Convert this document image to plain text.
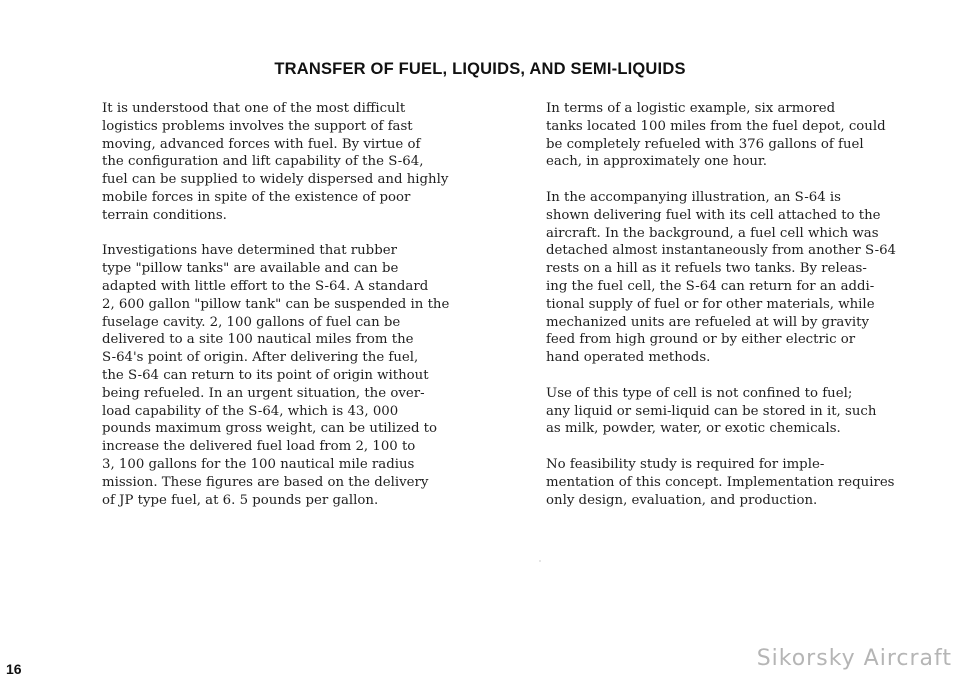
TRANSFER OF FUEL, LIQUIDS, AND SEMI-LIQUIDS

It is understood that one of the most difficult
logistics problems involves the support of fast
moving, advanced forces with fuel. By virtue of
the configuration and lift capability of the S-64,
fuel can be supplied to widely dispersed and highly
mobile forces in spite of the existence of poor
terrain conditions.

Investigations have determined that rubber
type "pillow tanks" are available and can be
adapted with little effort to the S-64. A standard
2, 600 gallon "pillow tank" can be suspended in the
fuselage cavity. 2, 100 gallons of fuel can be
delivered to a site 100 nautical miles from the
S-64's point of origin. After delivering the fuel,
the S-64 can return to its point of origin without
being refueled. In an urgent situation, the over-
load capability of the S-64, which is 43, 000
pounds maximum gross weight, can be utilized to
increase the delivered fuel load from 2, 100 to
3, 100 gallons for the 100 nautical mile radius
mission. These figures are based on the delivery
of JP type fuel, at 6. 5 pounds per gallon.

In terms of a logistic example, six armored
tanks located 100 miles from the fuel depot, could
be completely refueled with 376 gallons of fuel
each, in approximately one hour.

In the accompanying illustration, an S-64 is
shown delivering fuel with its cell attached to the
aircraft. In the background, a fuel cell which was
detached almost instantaneously from another S-64
rests on a hill as it refuels two tanks. By releas-
ing the fuel cell, the S-64 can return for an addi-
tional supply of fuel or for other materials, while
mechanized units are refueled at will by gravity
feed from high ground or by either electric or
hand operated methods.

Use of this type of cell is not confined to fuel;
any liquid or semi-liquid can be stored in it, such
as milk, powder, water, or exotic chemicals.

No feasibility study is required for imple-
mentation of this concept. Implementation requires
only design, evaluation, and production.

16	Sikorsky Aircraft
